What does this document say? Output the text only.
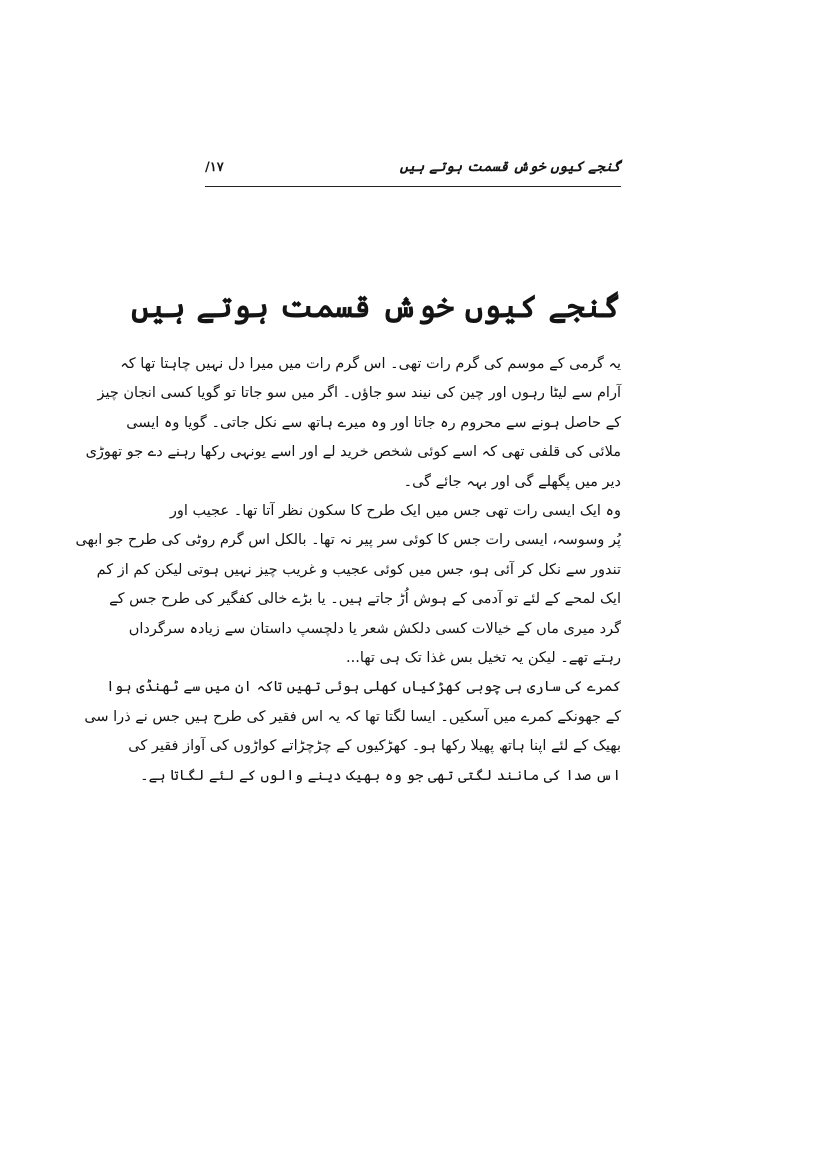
گنجے کیوں خوش قسمت ہوتے ہیں
۱۷/
گنجے کیوں خوش قسمت ہوتے ہیں

یہ گرمی کے موسم کی گرم رات تھی۔ اس گرم رات میں میرا دل نہیں چاہتا تھا کہ
آرام سے لیٹا رہوں اور چین کی نیند سو جاؤں۔ اگر میں سو جاتا تو گویا کسی انجان چیز
کے حاصل ہونے سے محروم رہ جاتا اور وہ میرے ہاتھ سے نکل جاتی۔ گویا وہ ایسی
ملائی کی قلفی تھی کہ اسے کوئی شخص خرید لے اور اسے یونہی رکھا رہنے دے جو تھوڑی
دیر میں پگھلے گی اور بہہ جائے گی۔

وہ ایک ایسی رات تھی جس میں ایک طرح کا سکون نظر آتا تھا۔ عجیب اور
پُر وسوسہ، ایسی رات جس کا کوئی سر پیر نہ تھا۔ بالکل اس گرم روٹی کی طرح جو ابھی
تندور سے نکل کر آئی ہو، جس میں کوئی عجیب و غریب چیز نہیں ہوتی لیکن کم از کم
ایک لمحے کے لئے تو آدمی کے ہوش اُڑ جاتے ہیں۔ یا بڑے خالی کفگیر کی طرح جس کے
گرد میری ماں کے خیالات کسی دلکش شعر یا دلچسپ داستان سے زیادہ سرگرداں
رہتے تھے۔ لیکن یہ تخیل بس غذا تک ہی تھا...

کمرے کی ساری ہی چوبی کھڑکیاں کھلی ہوئی تھیں تاکہ ان میں سے ٹھنڈی ہوا
کے جھونکے کمرے میں آسکیں۔ ایسا لگتا تھا کہ یہ اس فقیر کی طرح ہیں جس نے ذرا سی
بھیک کے لئے اپنا ہاتھ پھیلا رکھا ہو۔ کھڑکیوں کے چڑچڑاتے کواڑوں کی آواز فقیر کی
اس صدا کی مانند لگتی تھی جو وہ بھیک دینے والوں کے لئے لگاتا ہے۔
